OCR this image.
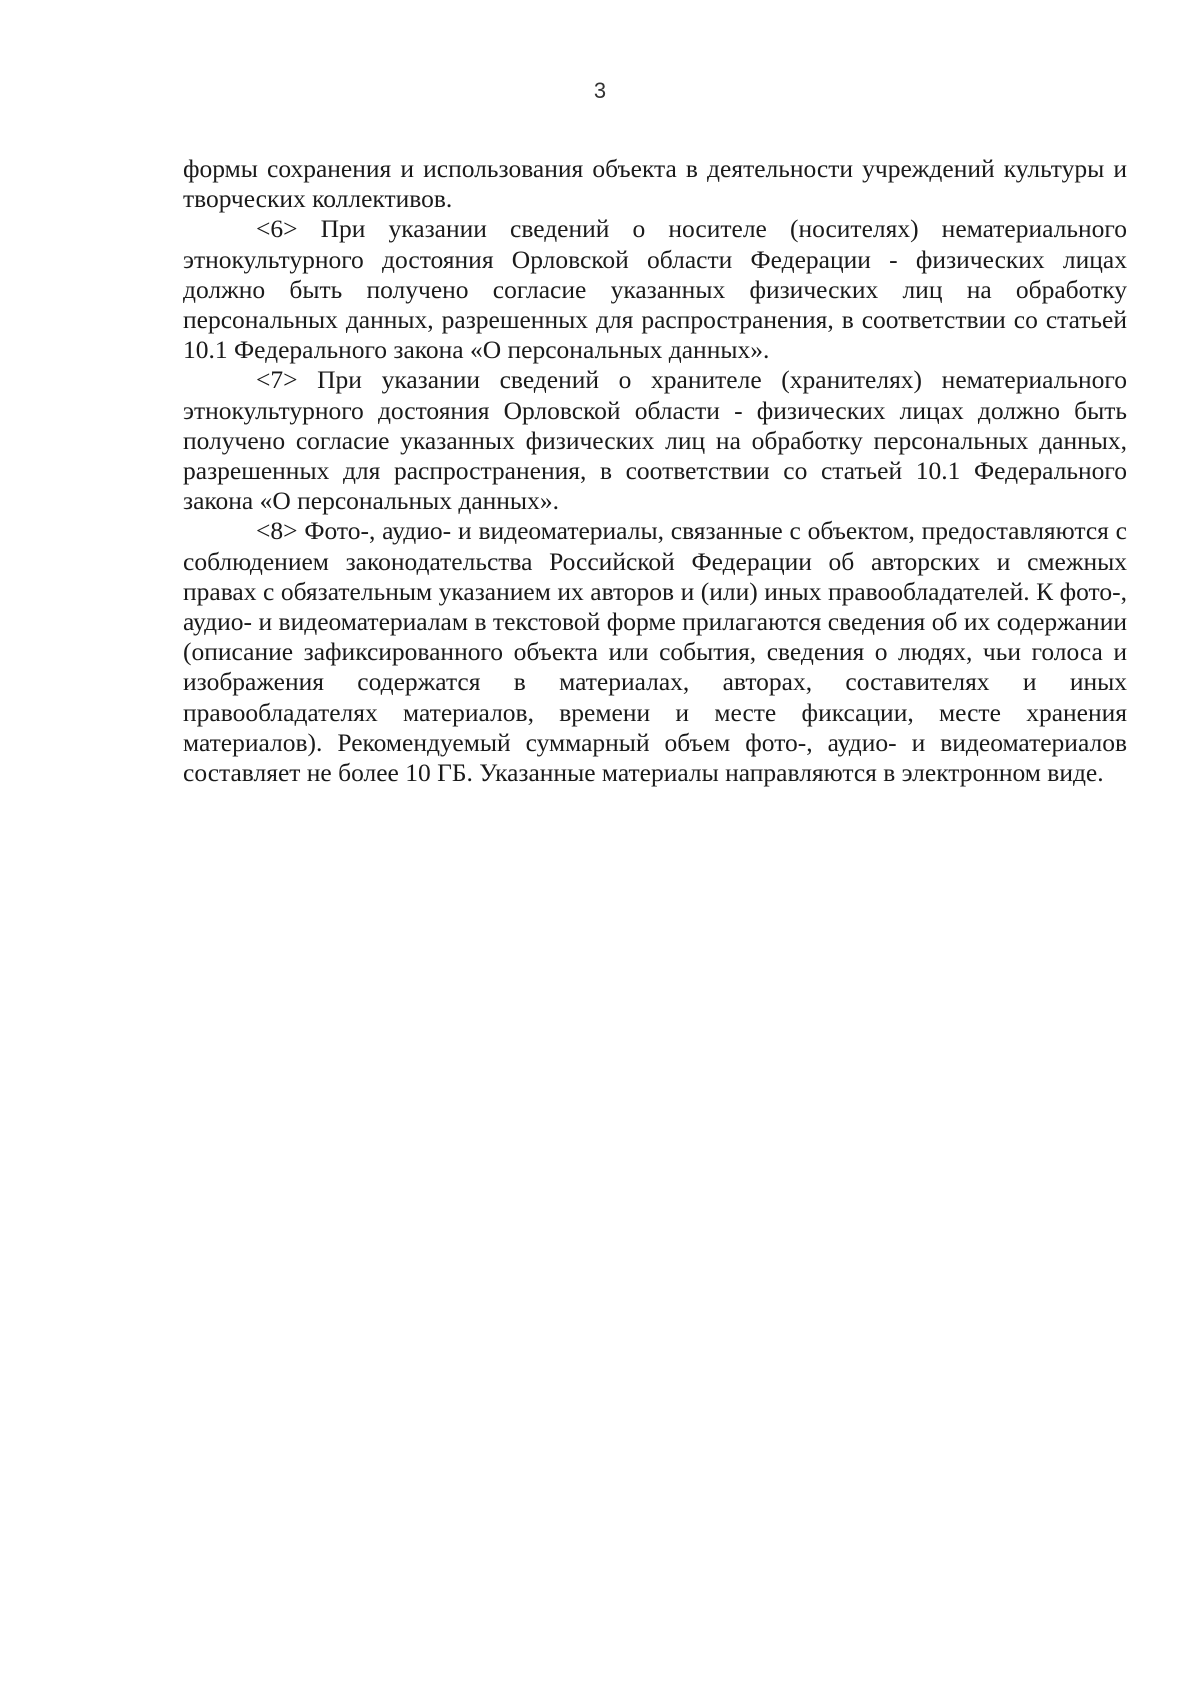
3

формы сохранения и использования объекта в деятельности учреждений культуры и творческих коллективов.

<6> При указании сведений о носителе (носителях) нематериального этнокультурного достояния Орловской области Федерации - физических лицах должно быть получено согласие указанных физических лиц на обработку персональных данных, разрешенных для распространения, в соответствии со статьей 10.1 Федерального закона «О персональных данных».

<7> При указании сведений о хранителе (хранителях) нематериального этнокультурного достояния Орловской области - физических лицах должно быть получено согласие указанных физических лиц на обработку персональных данных, разрешенных для распространения, в соответствии со статьей 10.1 Федерального закона «О персональных данных».

<8> Фото-, аудио- и видеоматериалы, связанные с объектом, предоставляются с соблюдением законодательства Российской Федерации об авторских и смежных правах с обязательным указанием их авторов и (или) иных правообладателей. К фото-, аудио- и видеоматериалам в текстовой форме прилагаются сведения об их содержании (описание зафиксированного объекта или события, сведения о людях, чьи голоса и изображения содержатся в материалах, авторах, составителях и иных правообладателях материалов, времени и месте фиксации, месте хранения материалов). Рекомендуемый суммарный объем фото-, аудио- и видеоматериалов составляет не более 10 ГБ. Указанные материалы направляются в электронном виде.
